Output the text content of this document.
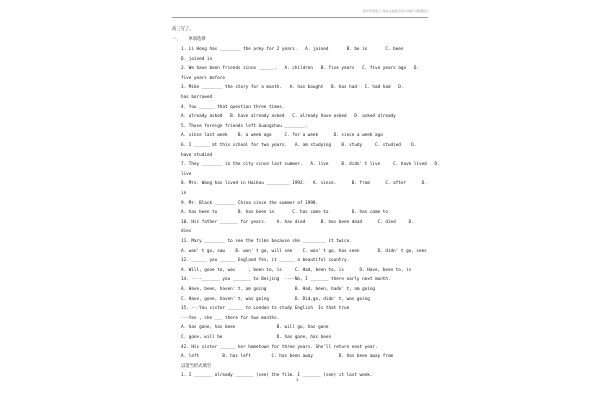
高中英语练习 现在完成时态综合训练习题(题目)
高三写了。
一、   单项选择
1. Li Hong has ________ the army for 2 years.   A. joined       B. be in       C. been
D. joined in
2. We have been friends since ______.   A. children   B. five years   C. five years ago   D.
five years before
3. Mike ________ the story for a month.   A. has bought   B. has had   C. had had   D.
has borrowed
4. You ______ that question three times.
A. already asked   B. have already asked   C. already have asked   D. asked already
5. Those foreign friends left Guangzhou ________.
A. since last week    B. a week ago     C. for a week      D. since a week ago
6. I ______ at this school for two years.   A. am studying    B. study     C. studied    D.
have studied
7. They ________ in the city since last summer.   A. live     B. didn' t live     C. have lived   D.
live
8. Mrs. Wang has lived in Haikou _________ 1992.   A. since.      B. from      C. after      D.
in
9. Mr. Black ________ China since the summer of 1998.
A. has been to        B. has been in       C. has come to         D. has came to
10. His father _______ for years.    A. has died      B. has been dead      C. died     D.
dies
11. Mary ________ to see the films because she _________ it twice.
A. won' t go, saw    B. won' t go, will see    C. won' t go, has seen       D. didn' t go, sees
12. ______ you ______ England Yes, it ______ a beautiful country.
A. Will, gone to, was     , been to, is     C. Had, been to, is      D. Have, been to, is
14. ----_______ you _______ to Beijing  ----No, I _______ there early next month.
A. Have, been, haven' t, am going           B. Had, been, hadn' t, am going
C. Have, gone, haven' t, was going          D. Did,go, didn' t, was going
15. ---You sister ______ to London to study English  Is that true
---Yes , she ___ there for two months.
A. has gone, has been                B. will go, has gone
C. gone, will be                     D. has gone, has been
42. His sister ______ her hometown for three years. She'll return next year.
A. left         B. has left        C. has been away          D. has been away from
以适当形式填空
1. I _______ already _______ (see) the film. I _______ (see) it last week.
1
